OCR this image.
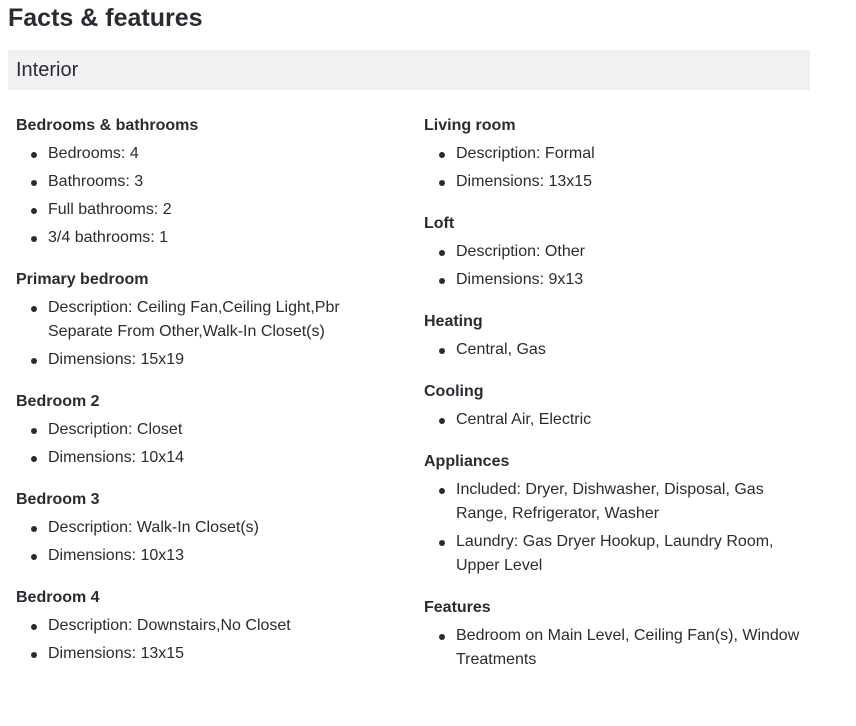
Facts & features
Interior
Bedrooms & bathrooms
Bedrooms: 4
Bathrooms: 3
Full bathrooms: 2
3/4 bathrooms: 1
Primary bedroom
Description: Ceiling Fan,Ceiling Light,Pbr Separate From Other,Walk-In Closet(s)
Dimensions: 15x19
Bedroom 2
Description: Closet
Dimensions: 10x14
Bedroom 3
Description: Walk-In Closet(s)
Dimensions: 10x13
Bedroom 4
Description: Downstairs,No Closet
Dimensions: 13x15
Living room
Description: Formal
Dimensions: 13x15
Loft
Description: Other
Dimensions: 9x13
Heating
Central, Gas
Cooling
Central Air, Electric
Appliances
Included: Dryer, Dishwasher, Disposal, Gas Range, Refrigerator, Washer
Laundry: Gas Dryer Hookup, Laundry Room, Upper Level
Features
Bedroom on Main Level, Ceiling Fan(s), Window Treatments
